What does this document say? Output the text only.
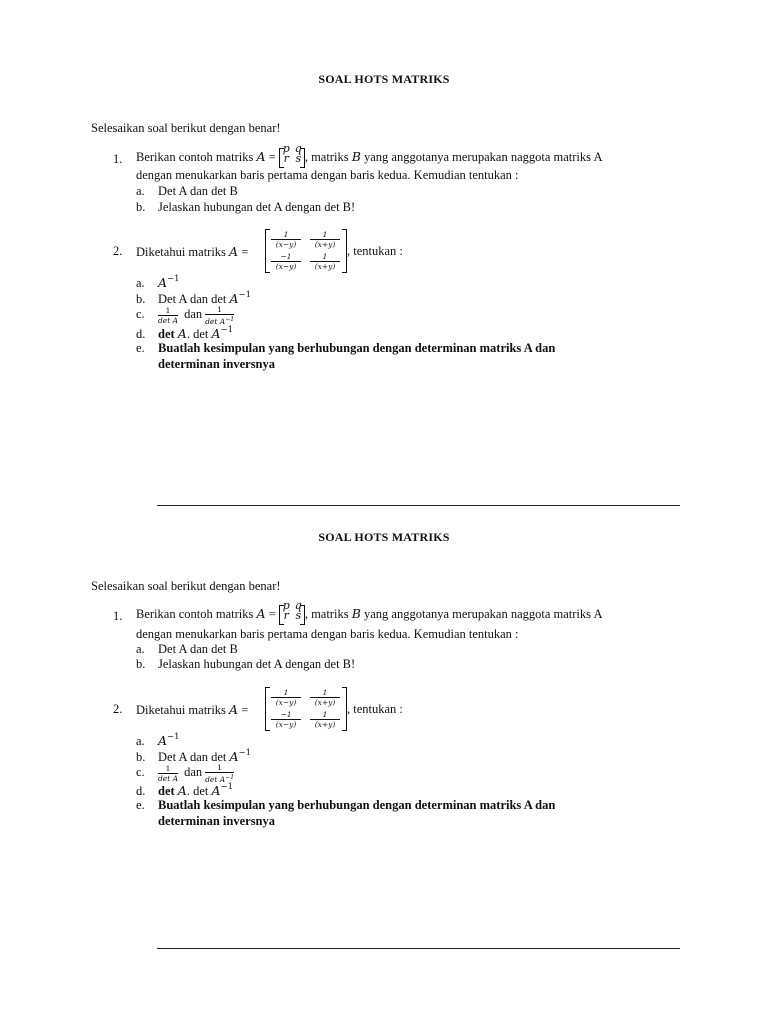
SOAL HOTS MATRIKS
Selesaikan soal berikut dengan benar!
1. Berikan contoh matriks A =
p q
r s , matriks B yang anggotanya merupakan naggota matriks A
dengan menukarkan baris pertama dengan baris kedua. Kemudian tentukan :
a. Det A dan det B
b. Jelaskan hubungan det A dengan det B!
2. Diketahui matriks A =
$\frac{1}{(x-y)} \frac{1}{(x+y)}$
$\frac{-1}{(x-y)} \frac{1}{(x+y)}$
, tentukan :
a. $A^{-1}$
b. Det A dan $\det A^{-1}$
c. $\frac{1}{\text{det A}}$ dan $\frac{1}{\det A^{-1}}$
d. det A. $\det A^{-1}$
e. Buatlah kesimpulan yang berhubungan dengan determinan matriks A dan
determinan inversnya
SOAL HOTS MATRIKS
Selesaikan soal berikut dengan benar!
1. Berikan contoh matriks A =
p q
r s , matriks B yang anggotanya merupakan naggota matriks A
dengan menukarkan baris pertama dengan baris kedua. Kemudian tentukan :
a. Det A dan det B
b. Jelaskan hubungan det A dengan det B!
2. Diketahui matriks A =
$\frac{1}{(x-y)} \frac{1}{(x+y)}$
$\frac{-1}{(x-y)} \frac{1}{(x+y)}$
, tentukan :
a. $A^{-1}$
b. Det A dan $\det A^{-1}$
c. $\frac{1}{\text{det A}}$ dan $\frac{1}{\det A^{-1}}$
d. det A. $\det A^{-1}$
e. Buatlah kesimpulan yang berhubungan dengan determinan matriks A dan
determinan inversnya
